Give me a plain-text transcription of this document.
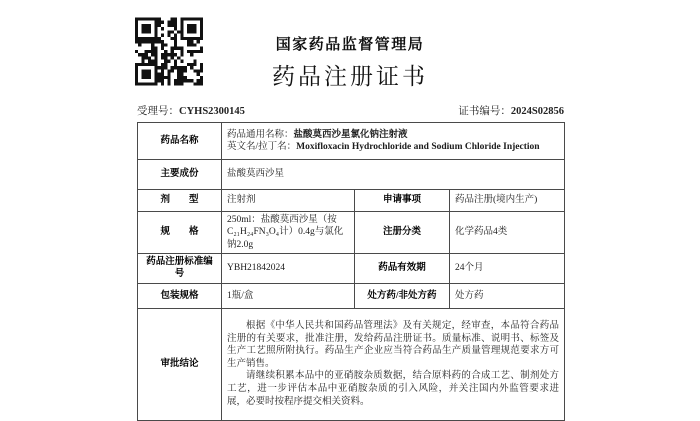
国家药品监督管理局
药品注册证书
受理号：CYHS2300145	证书编号：2024S02856
药品名称	药品通用名称：盐酸莫西沙星氯化钠注射液
英文名/拉丁名：Moxifloxacin Hydrochloride and Sodium Chloride Injection		

主要成份	盐酸莫西沙星		
剂　　型	注射剂	申请事项	药品注册(境内生产)
规　　格	250ml：盐酸莫西沙星（按C₂₁H₂₄FN₃O₄计）0.4g与氯化钠2.0g	注册分类	化学药品4类
药品注册标准编号	YBH21842024	药品有效期	24个月
包装规格	1瓶/盒	处方药/非处方药	处方药
审批结论	根据《中华人民共和国药品管理法》及有关规定，经审查，本品符合药品注册的有关要求，批准注册，发给药品注册证书。质量标准、说明书、标签及生产工艺照所附执行。药品生产企业应当符合药品生产质量管理规范要求方可生产销售。

请继续积累本品中的亚硝胺杂质数据，结合原料药的合成工艺、制剂处方工艺，进一步评估本品中亚硝胺杂质的引入风险，并关注国内外监管要求进展，必要时按程序提交相关资料。		
